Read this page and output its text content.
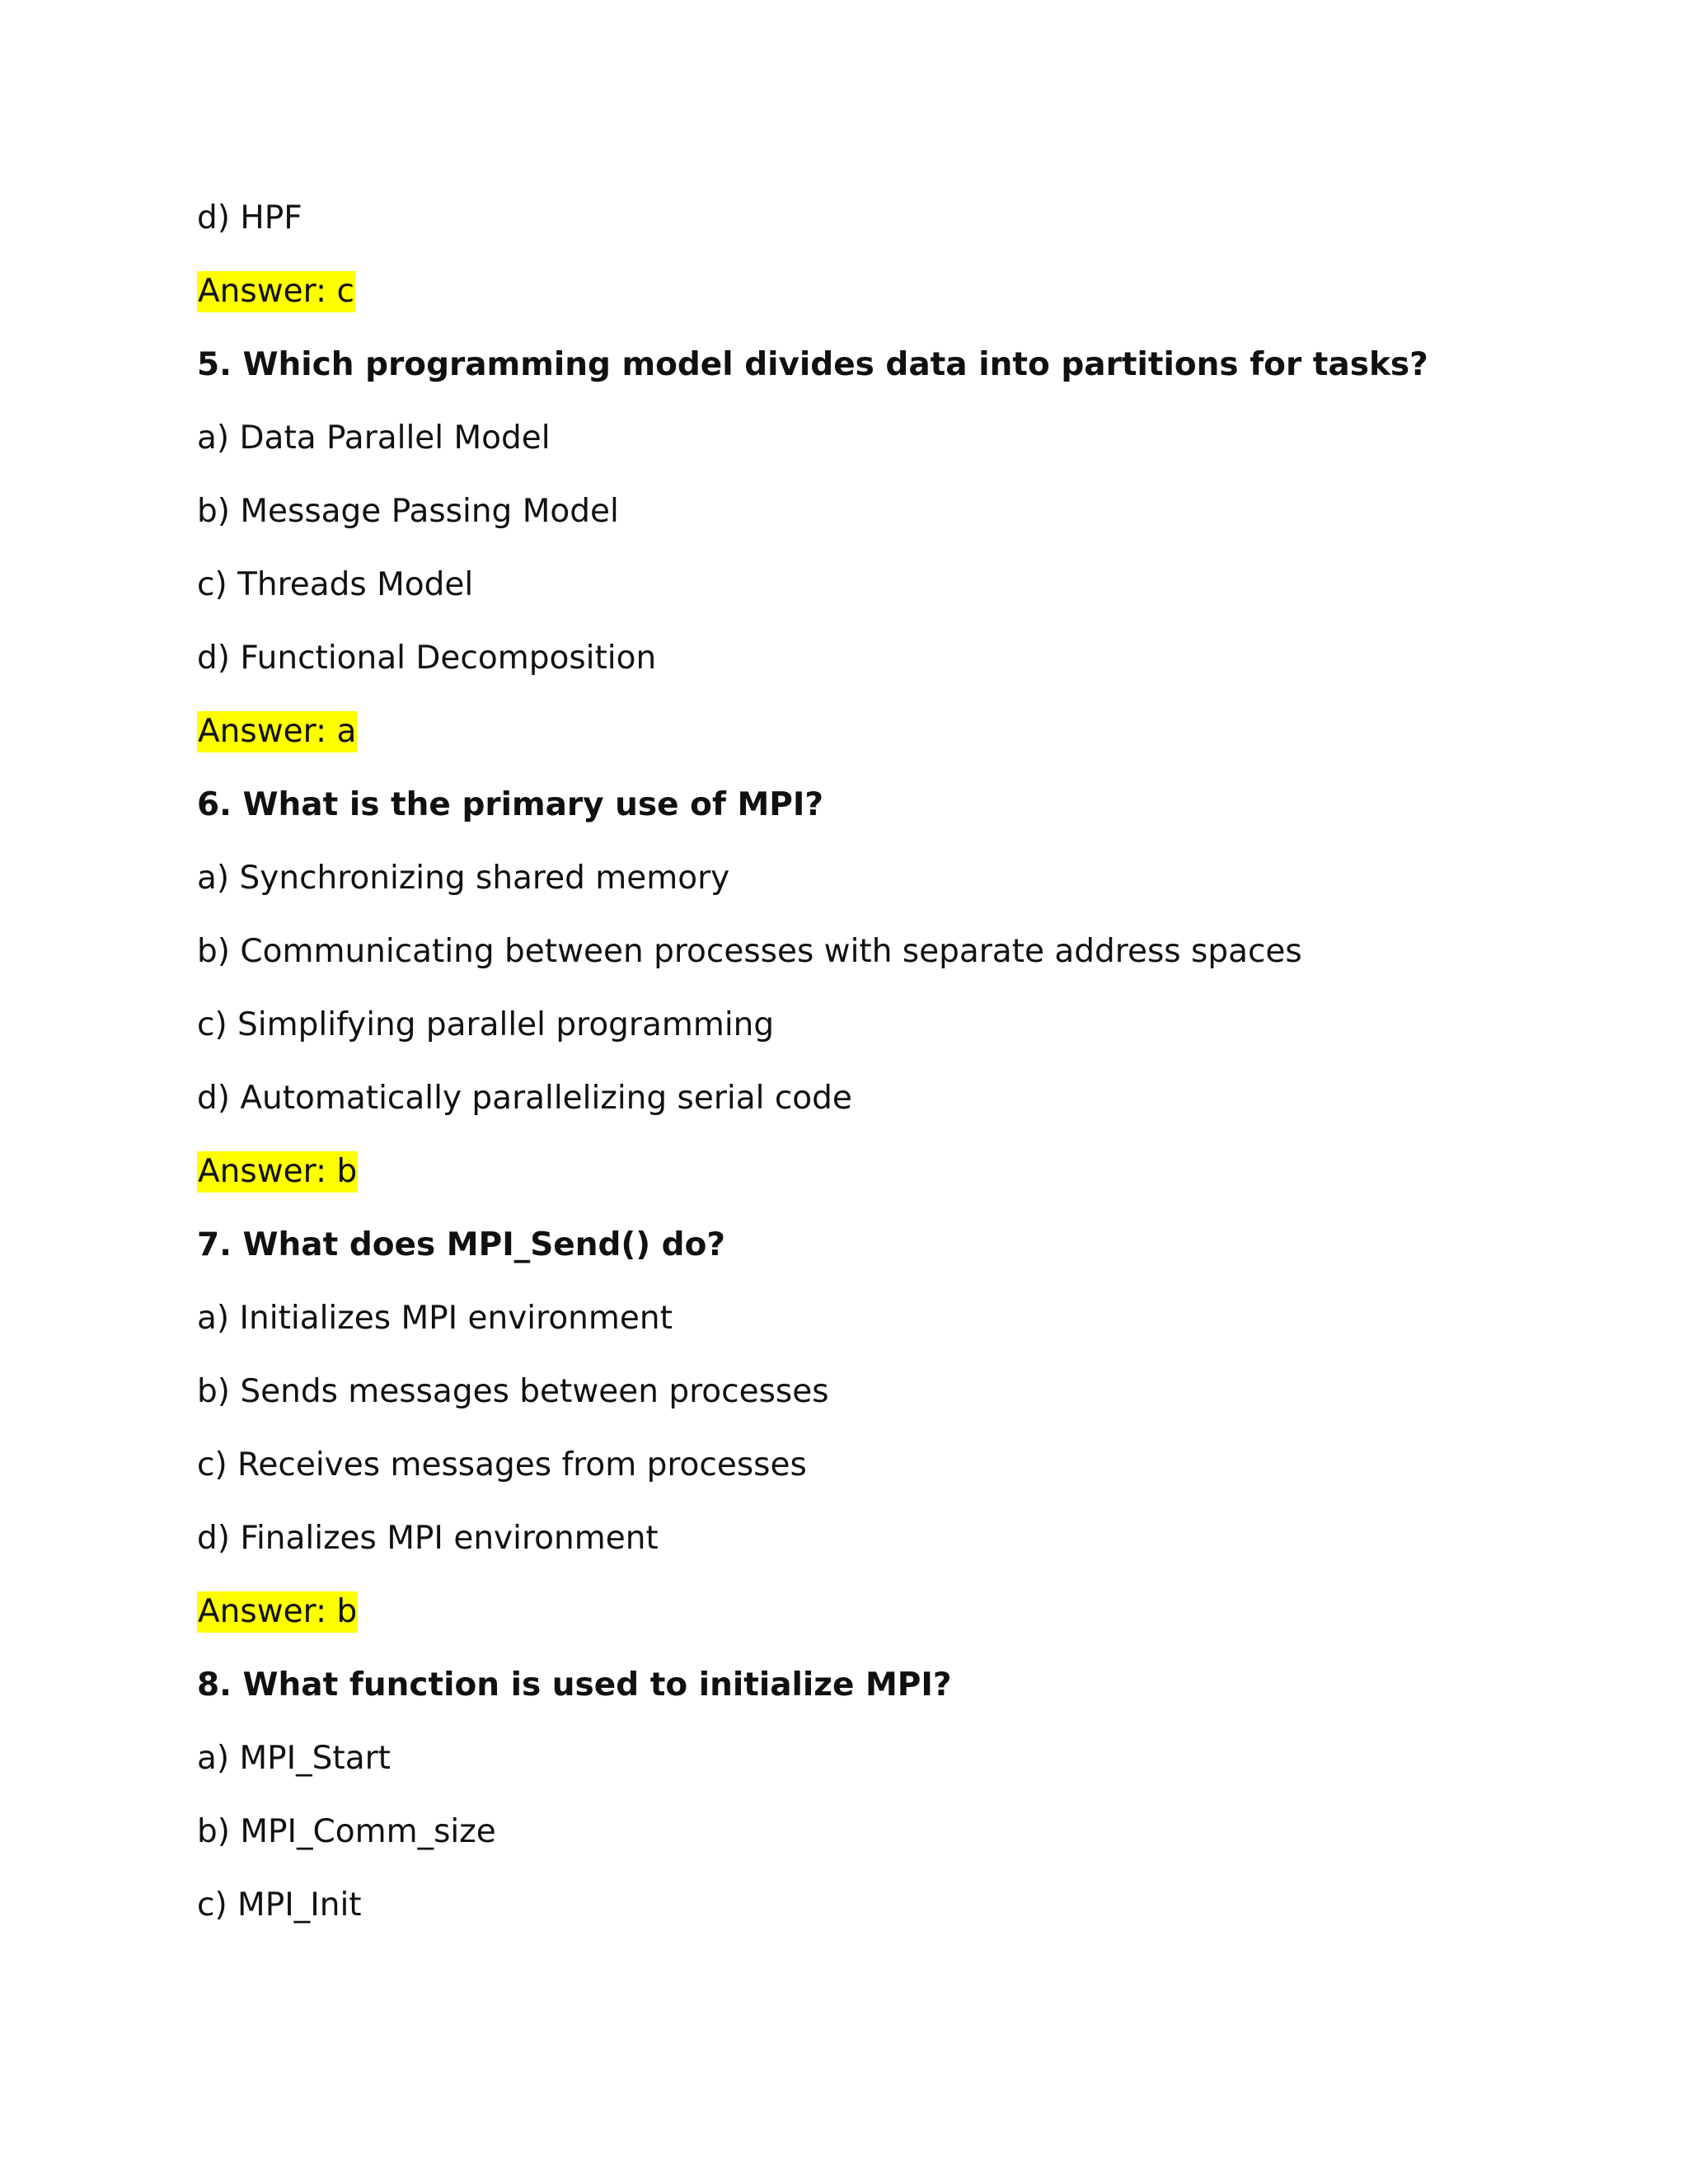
d) HPF
Answer: c
5. Which programming model divides data into partitions for tasks?
a) Data Parallel Model
b) Message Passing Model
c) Threads Model
d) Functional Decomposition
Answer: a
6. What is the primary use of MPI?
a) Synchronizing shared memory
b) Communicating between processes with separate address spaces
c) Simplifying parallel programming
d) Automatically parallelizing serial code
Answer: b
7. What does MPI_Send() do?
a) Initializes MPI environment
b) Sends messages between processes
c) Receives messages from processes
d) Finalizes MPI environment
Answer: b
8. What function is used to initialize MPI?
a) MPI_Start
b) MPI_Comm_size
c) MPI_Init
